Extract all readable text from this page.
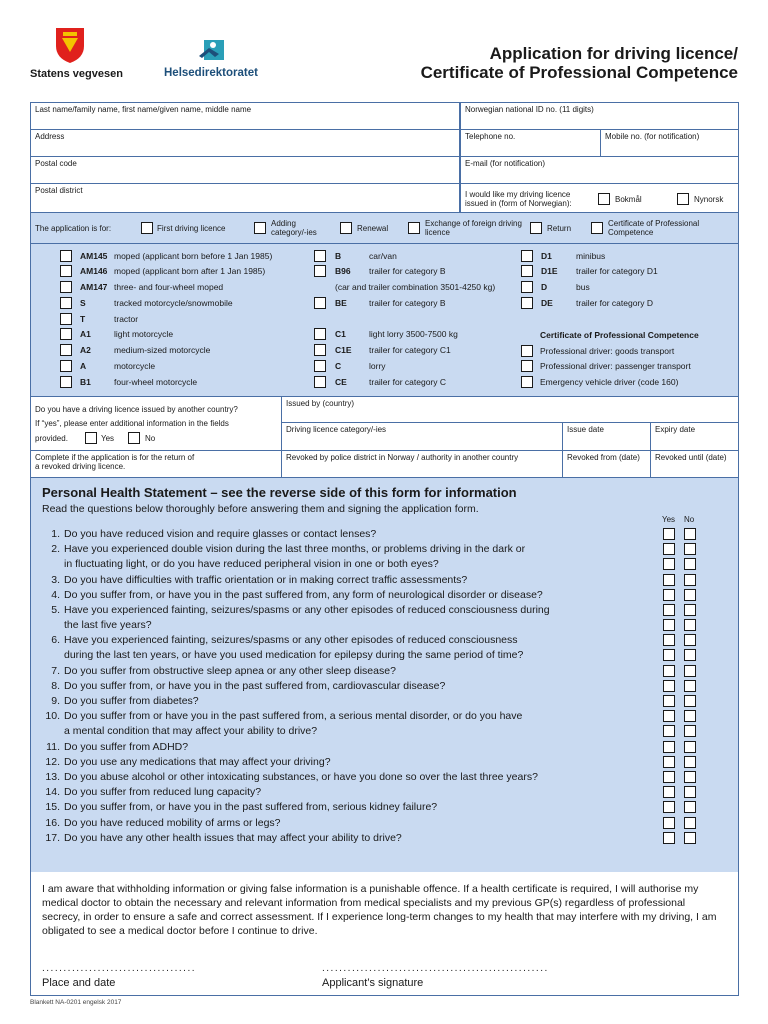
Statens vegvesen	Helsedirektoratet
Application for driving licence/
Certificate of Professional Competence
Last name/family name, first name/given name, middle name	Norwegian national ID no. (11 digits)
Address	Telephone no.	Mobile no. (for notification)
Postal code	E-mail (for notification)
Postal district	I would like my driving licence issued in (form of Norwegian):	Bokmål	Nynorsk
The application is for:	First driving licence
Adding category/-ies	Renewal
Exchange of foreign driving licence	Return
Certificate of Professional Competence
Certificate of Professional Competence
Do you have a driving licence issued by another country?
If “yes”, please enter additional information in the fields
provided.	Yes	No
Issued by (country)
Driving licence category/-ies	Issue date	Expiry date
Complete if the application is for the return of a revoked driving licence.
Revoked by police district in Norway / authority in another country	Revoked from (date)	Revoked until (date)
Personal Health Statement – see the reverse side of this form for information
Read the questions below thoroughly before answering them and signing the application form.
Yes No
I am aware that withholding information or giving false information is a punishable offence. If a health certificate is required, I will authorise my medical doctor to obtain the necessary and relevant information from medical specialists and my previous GP(s) regardless of professional secrecy, in order to ensure a safe and correct assessment. If I experience long-term changes to my health that may interfere with my driving, I am obligated to see a medical doctor before I continue to drive.
....................................
Place and date
.....................................................
Applicant’s signature
Blankett NA-0201 engelsk 2017
AM145 moped (applicant born before 1 Jan 1985)
AM146 moped (applicant born after 1 Jan 1985)
AM147 three- and four-wheel moped
S	tracked motorcycle/snowmobile
T	tractor
A1	light motorcycle
A2	medium-sized motorcycle
A	motorcycle
B1	four-wheel motorcycle
B	car/van
B96 trailer for category B
(car and trailer combination 3501-4250 kg)
BE	trailer for category B
C1	light lorry 3500-7500 kg
C1E trailer for category C1
C	lorry
CE	trailer for category C
D1	minibus
D1E trailer for category D1
D	bus
DE	trailer for category D
Professional driver: goods transport
Professional driver: passenger transport
Emergency vehicle driver (code 160)
1. Do you have reduced vision and require glasses or contact lenses?
2. Have you experienced double vision during the last three months, or problems driving in the dark or
in fluctuating light, or do you have reduced peripheral vision in one or both eyes?
3. Do you have difficulties with traffic orientation or in making correct traffic assessments?
4. Do you suffer from, or have you in the past suffered from, any form of neurological disorder or disease?
5. Have you experienced fainting, seizures/spasms or any other episodes of reduced consciousness during
the last five years?
6. Have you experienced fainting, seizures/spasms or any other episodes of reduced consciousness
during the last ten years, or have you used medication for epilepsy during the same period of time?
7. Do you suffer from obstructive sleep apnea or any other sleep disease?
8. Do you suffer from, or have you in the past suffered from, cardiovascular disease?
9. Do you suffer from diabetes?
10. Do you suffer from or have you in the past suffered from, a serious mental disorder, or do you have
a mental condition that may affect your ability to drive?
11. Do you suffer from ADHD?
12. Do you use any medications that may affect your driving?
13. Do you abuse alcohol or other intoxicating substances, or have you done so over the last three years?
14. Do you suffer from reduced lung capacity?
15. Do you suffer from, or have you in the past suffered from, serious kidney failure?
16. Do you have reduced mobility of arms or legs?
17. Do you have any other health issues that may affect your ability to drive?
